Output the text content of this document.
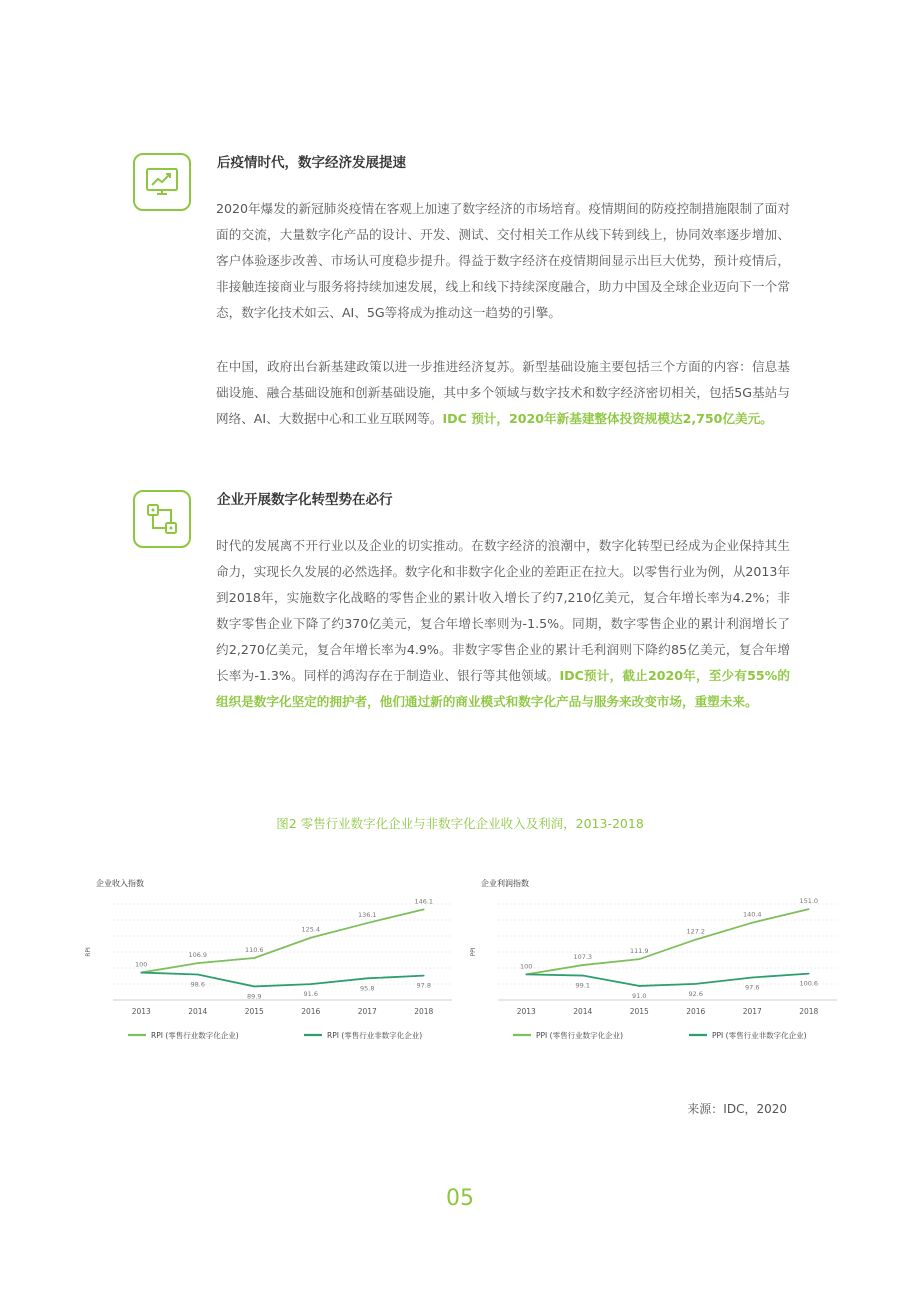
后疫情时代，数字经济发展提速

2020年爆发的新冠肺炎疫情在客观上加速了数字经济的市场培育。疫情期间的防疫控制措施限制了面对面的交流，大量数字化产品的设计、开发、测试、交付相关工作从线下转到线上，协同效率逐步增加、客户体验逐步改善、市场认可度稳步提升。得益于数字经济在疫情期间显示出巨大优势，预计疫情后，非接触连接商业与服务将持续加速发展，线上和线下持续深度融合，助力中国及全球企业迈向下一个常态，数字化技术如云、AI、5G等将成为推动这一趋势的引擎。

在中国，政府出台新基建政策以进一步推进经济复苏。新型基础设施主要包括三个方面的内容：信息基础设施、融合基础设施和创新基础设施，其中多个领域与数字技术和数字经济密切相关，包括5G基站与网络、AI、大数据中心和工业互联网等。IDC 预计，2020年新基建整体投资规模达2,750亿美元。

企业开展数字化转型势在必行

时代的发展离不开行业以及企业的切实推动。在数字经济的浪潮中，数字化转型已经成为企业保持其生命力，实现长久发展的必然选择。数字化和非数字化企业的差距正在拉大。以零售行业为例，从2013年到2018年，实施数字化战略的零售企业的累计收入增长了约7,210亿美元，复合年增长率为4.2%；非数字零售企业下降了约370亿美元，复合年增长率则为-1.5%。同期，数字零售企业的累计利润增长了约2,270亿美元，复合年增长率为4.9%。非数字零售企业的累计毛利润则下降约85亿美元，复合年增长率为-1.3%。同样的鸿沟存在于制造业、银行等其他领域。IDC预计，截止2020年，至少有55%的组织是数字化坚定的拥护者，他们通过新的商业模式和数字化产品与服务来改变市场，重塑未来。

图2 零售行业数字化企业与非数字化企业收入及利润，2013-2018
企业收入指数
RPI
2013	2014	2015	2016	2017	2018
100
106.9
110.6
125.4
136.1
146.1
98.6
89.9	91.6
95.8	97.8
RPI (零售行业数字化企业)	RPI (零售行业非数字化企业)
企业利润指数
PPI
2013	2014	2015	2016	2017	2018
100
107.3
111.9
127.2
140.4
151.0
99.1
91.0	92.6
97.6	100.6
PPI (零售行业数字化企业)	PPI (零售行业非数字化企业)
来源：IDC，2020
05
